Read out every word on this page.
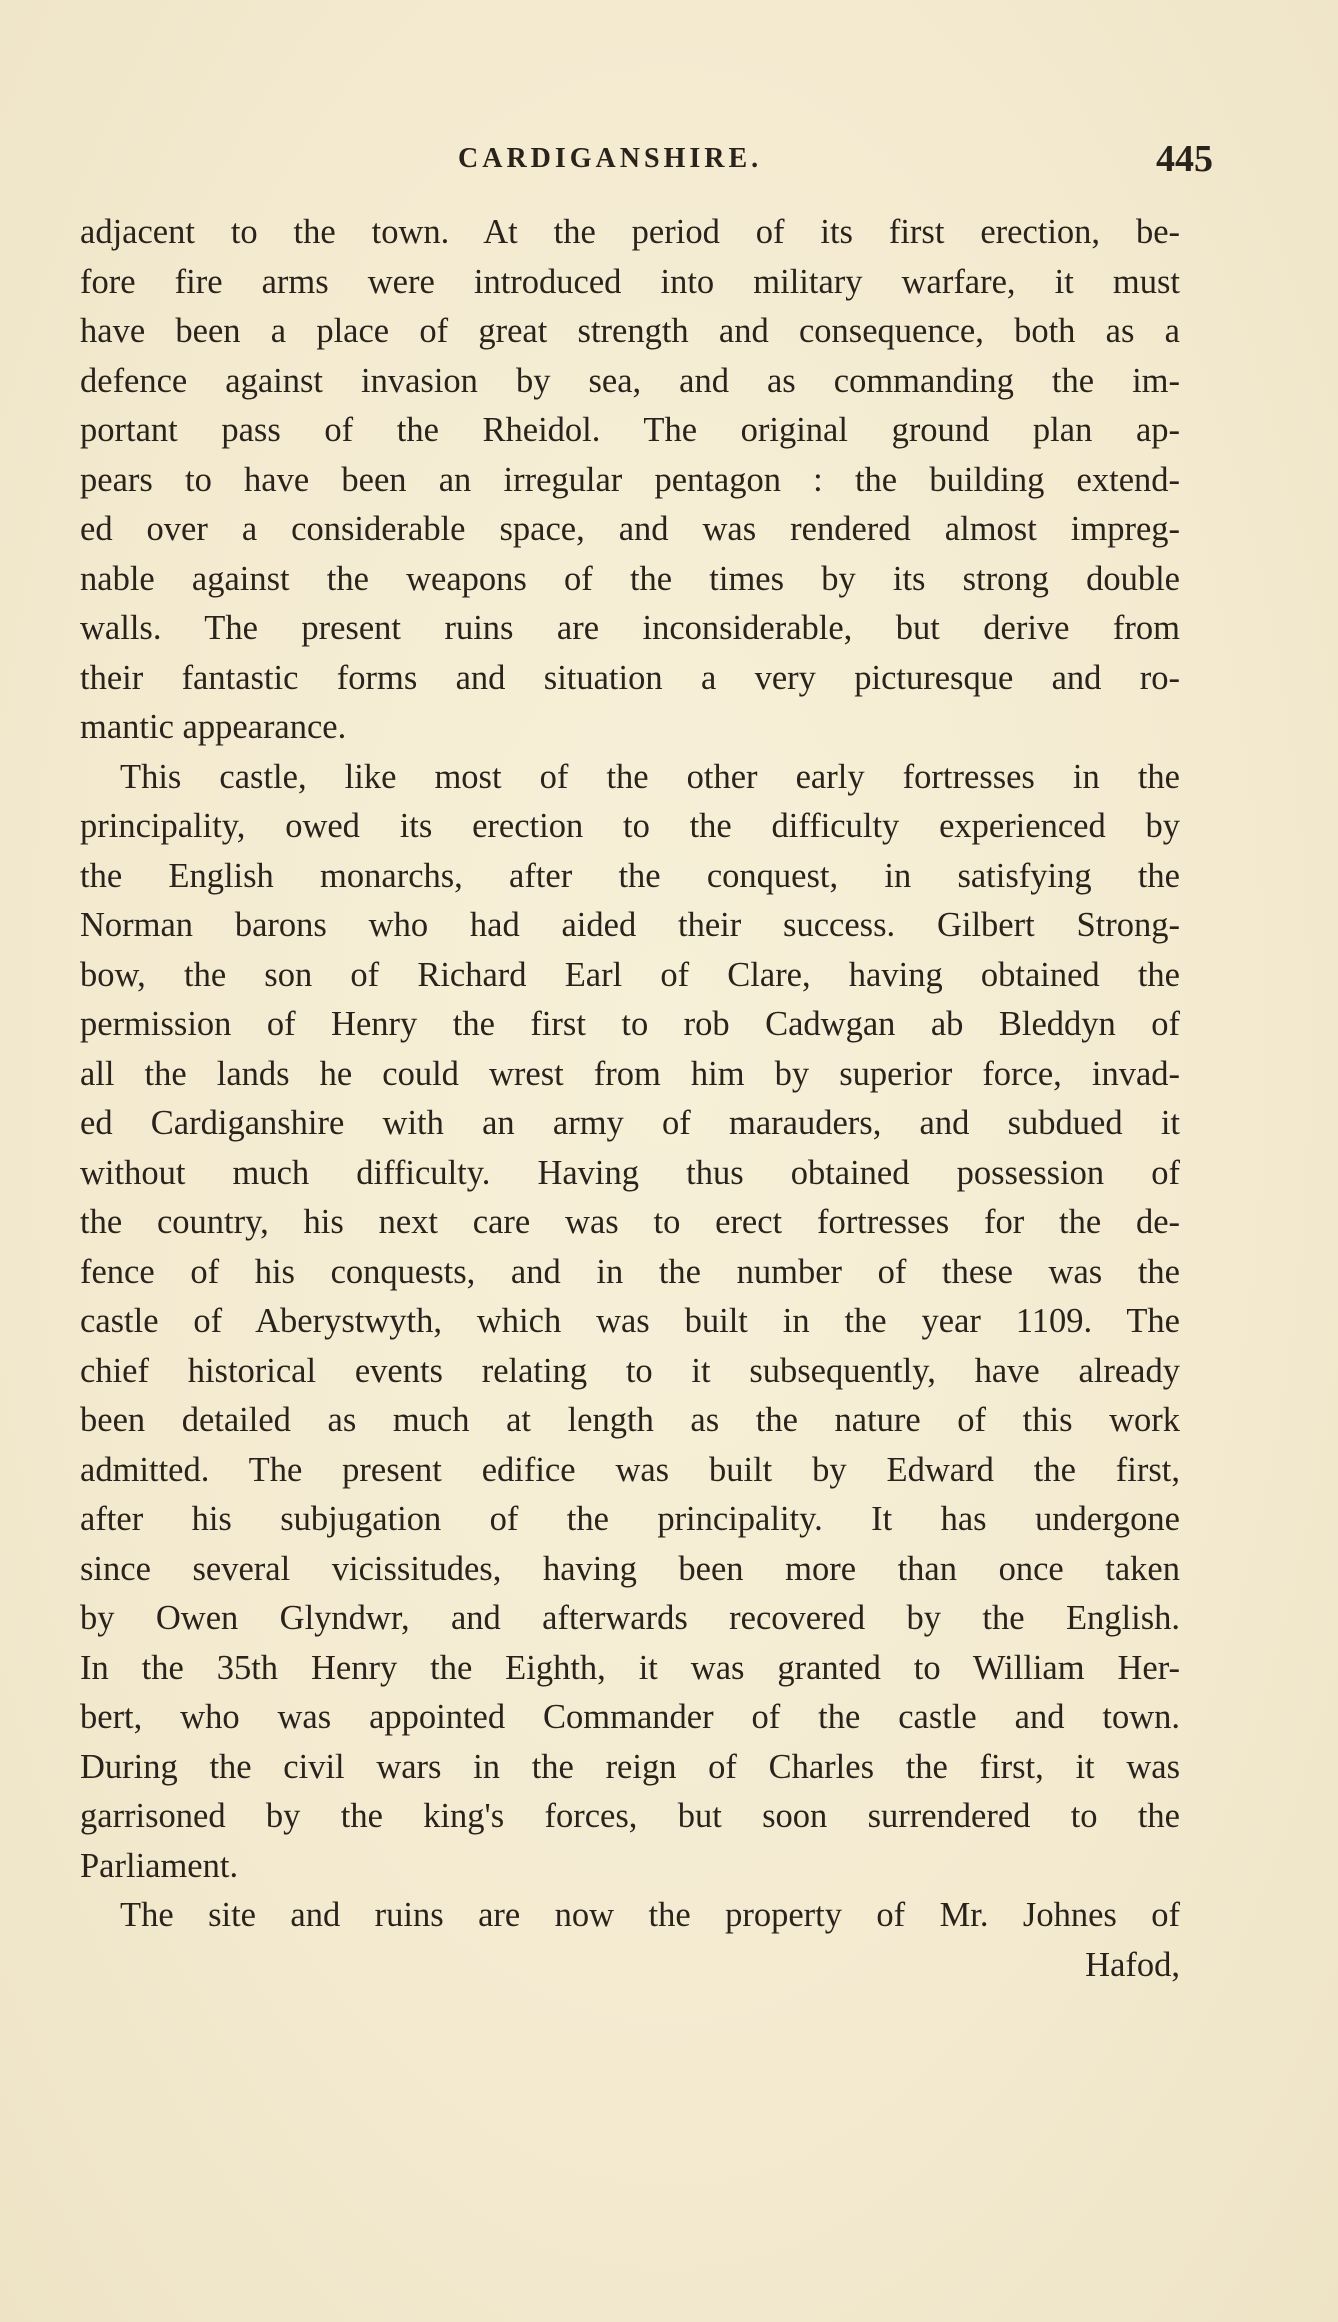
CARDIGANSHIRE.	445
adjacent to the town. At the period of its first erection, be-
fore fire arms were introduced into military warfare, it must
have been a place of great strength and consequence, both as a
defence against invasion by sea, and as commanding the im-
portant pass of the Rheidol. The original ground plan ap-
pears to have been an irregular pentagon : the building extend-
ed over a considerable space, and was rendered almost impreg-
nable against the weapons of the times by its strong double
walls. The present ruins are inconsiderable, but derive from
their fantastic forms and situation a very picturesque and ro-
mantic appearance.
This castle, like most of the other early fortresses in the
principality, owed its erection to the difficulty experienced by
the English monarchs, after the conquest, in satisfying the
Norman barons who had aided their success. Gilbert Strong-
bow, the son of Richard Earl of Clare, having obtained the
permission of Henry the first to rob Cadwgan ab Bleddyn of
all the lands he could wrest from him by superior force, invad-
ed Cardiganshire with an army of marauders, and subdued it
without much difficulty. Having thus obtained possession of
the country, his next care was to erect fortresses for the de-
fence of his conquests, and in the number of these was the
castle of Aberystwyth, which was built in the year 1109. The
chief historical events relating to it subsequently, have already
been detailed as much at length as the nature of this work
admitted. The present edifice was built by Edward the first,
after his subjugation of the principality. It has undergone
since several vicissitudes, having been more than once taken
by Owen Glyndwr, and afterwards recovered by the English.
In the 35th Henry the Eighth, it was granted to William Her-
bert, who was appointed Commander of the castle and town.
During the civil wars in the reign of Charles the first, it was
garrisoned by the king's forces, but soon surrendered to the
Parliament.
The site and ruins are now the property of Mr. Johnes of
Hafod,
